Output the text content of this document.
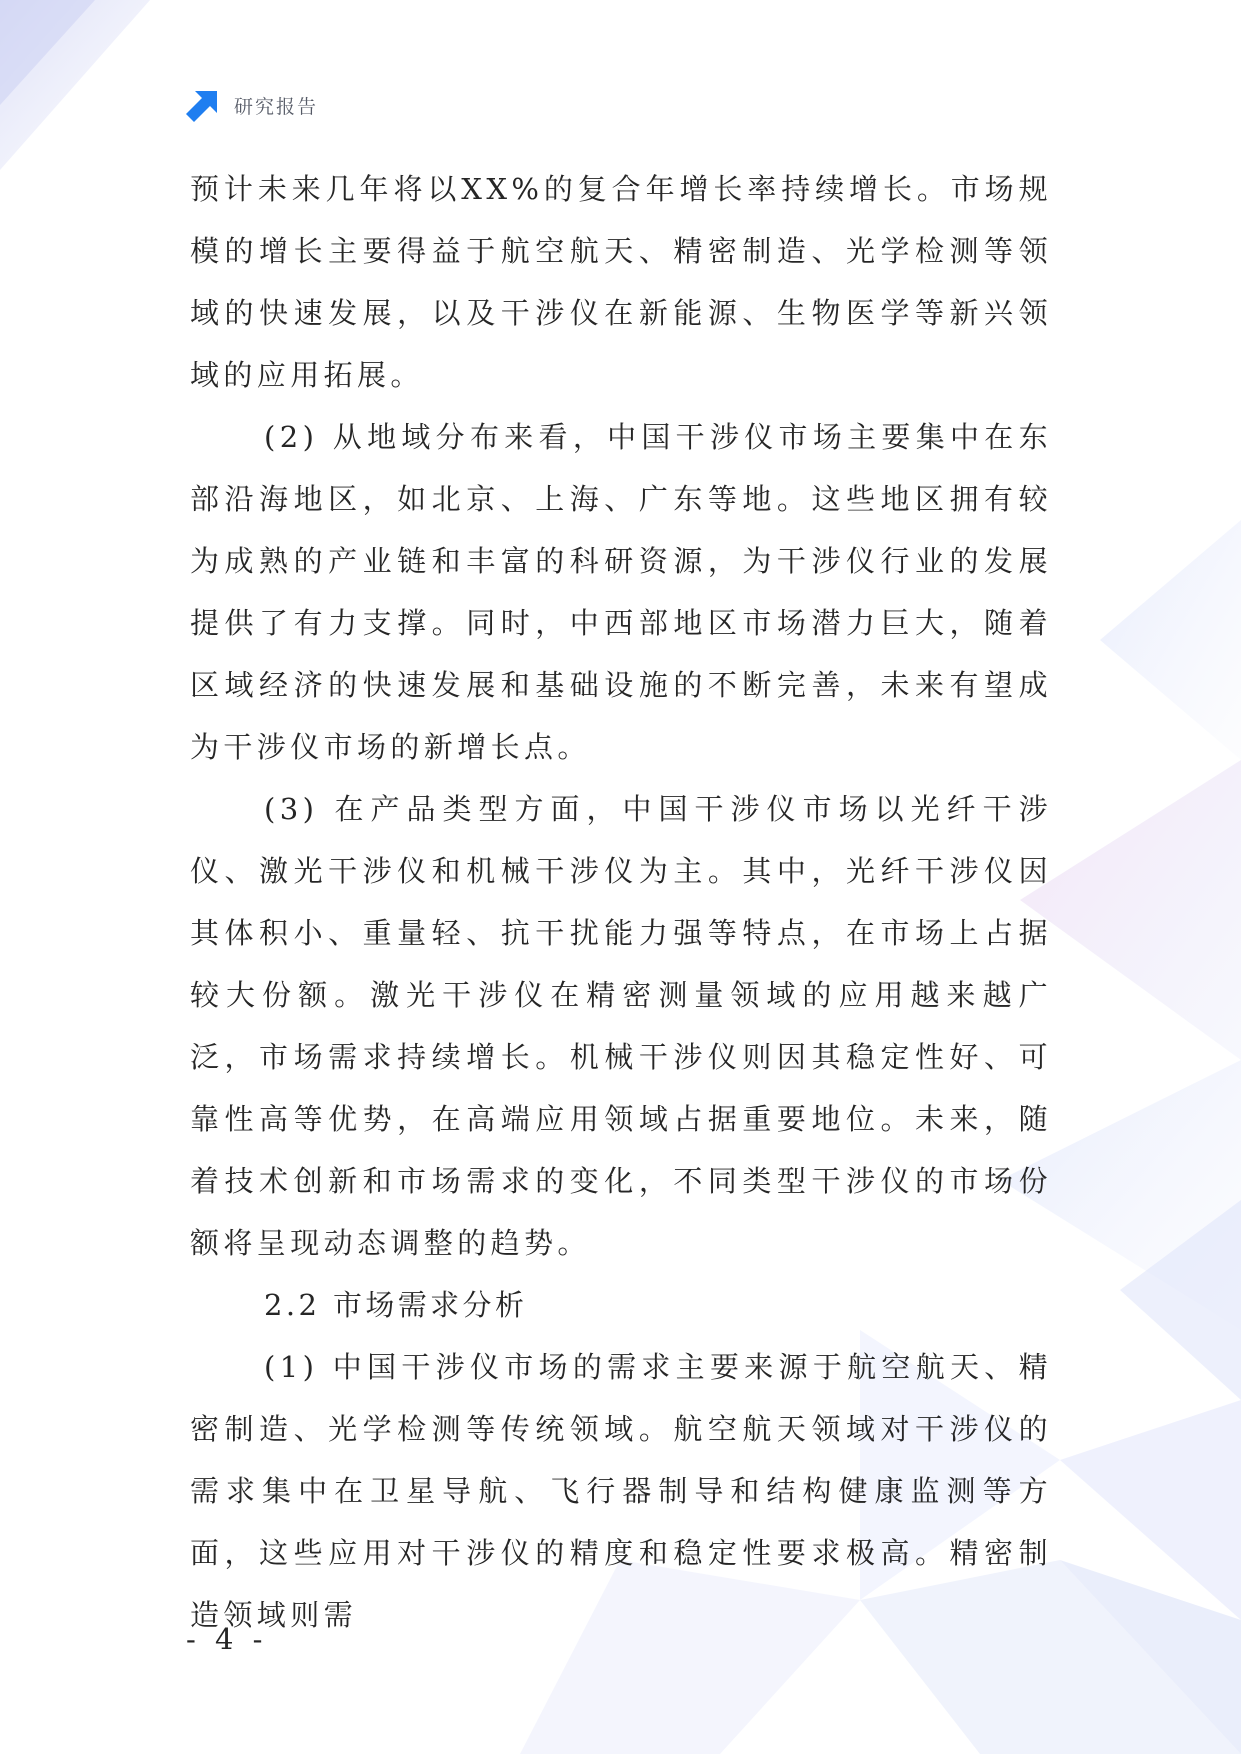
研究报告

预计未来几年将以XX%的复合年增长率持续增长。市场规模的增长主要得益于航空航天、精密制造、光学检测等领域的快速发展，以及干涉仪在新能源、生物医学等新兴领域的应用拓展。

(2) 从地域分布来看，中国干涉仪市场主要集中在东部沿海地区，如北京、上海、广东等地。这些地区拥有较为成熟的产业链和丰富的科研资源，为干涉仪行业的发展提供了有力支撑。同时，中西部地区市场潜力巨大，随着区域经济的快速发展和基础设施的不断完善，未来有望成为干涉仪市场的新增长点。

(3) 在产品类型方面，中国干涉仪市场以光纤干涉仪、激光干涉仪和机械干涉仪为主。其中，光纤干涉仪因其体积小、重量轻、抗干扰能力强等特点，在市场上占据较大份额。激光干涉仪在精密测量领域的应用越来越广泛，市场需求持续增长。机械干涉仪则因其稳定性好、可靠性高等优势，在高端应用领域占据重要地位。未来，随着技术创新和市场需求的变化，不同类型干涉仪的市场份额将呈现动态调整的趋势。

2.2 市场需求分析

(1) 中国干涉仪市场的需求主要来源于航空航天、精密制造、光学检测等传统领域。航空航天领域对干涉仪的需求集中在卫星导航、飞行器制导和结构健康监测等方面，这些应用对干涉仪的精度和稳定性要求极高。精密制造领域则需

- 4 -
